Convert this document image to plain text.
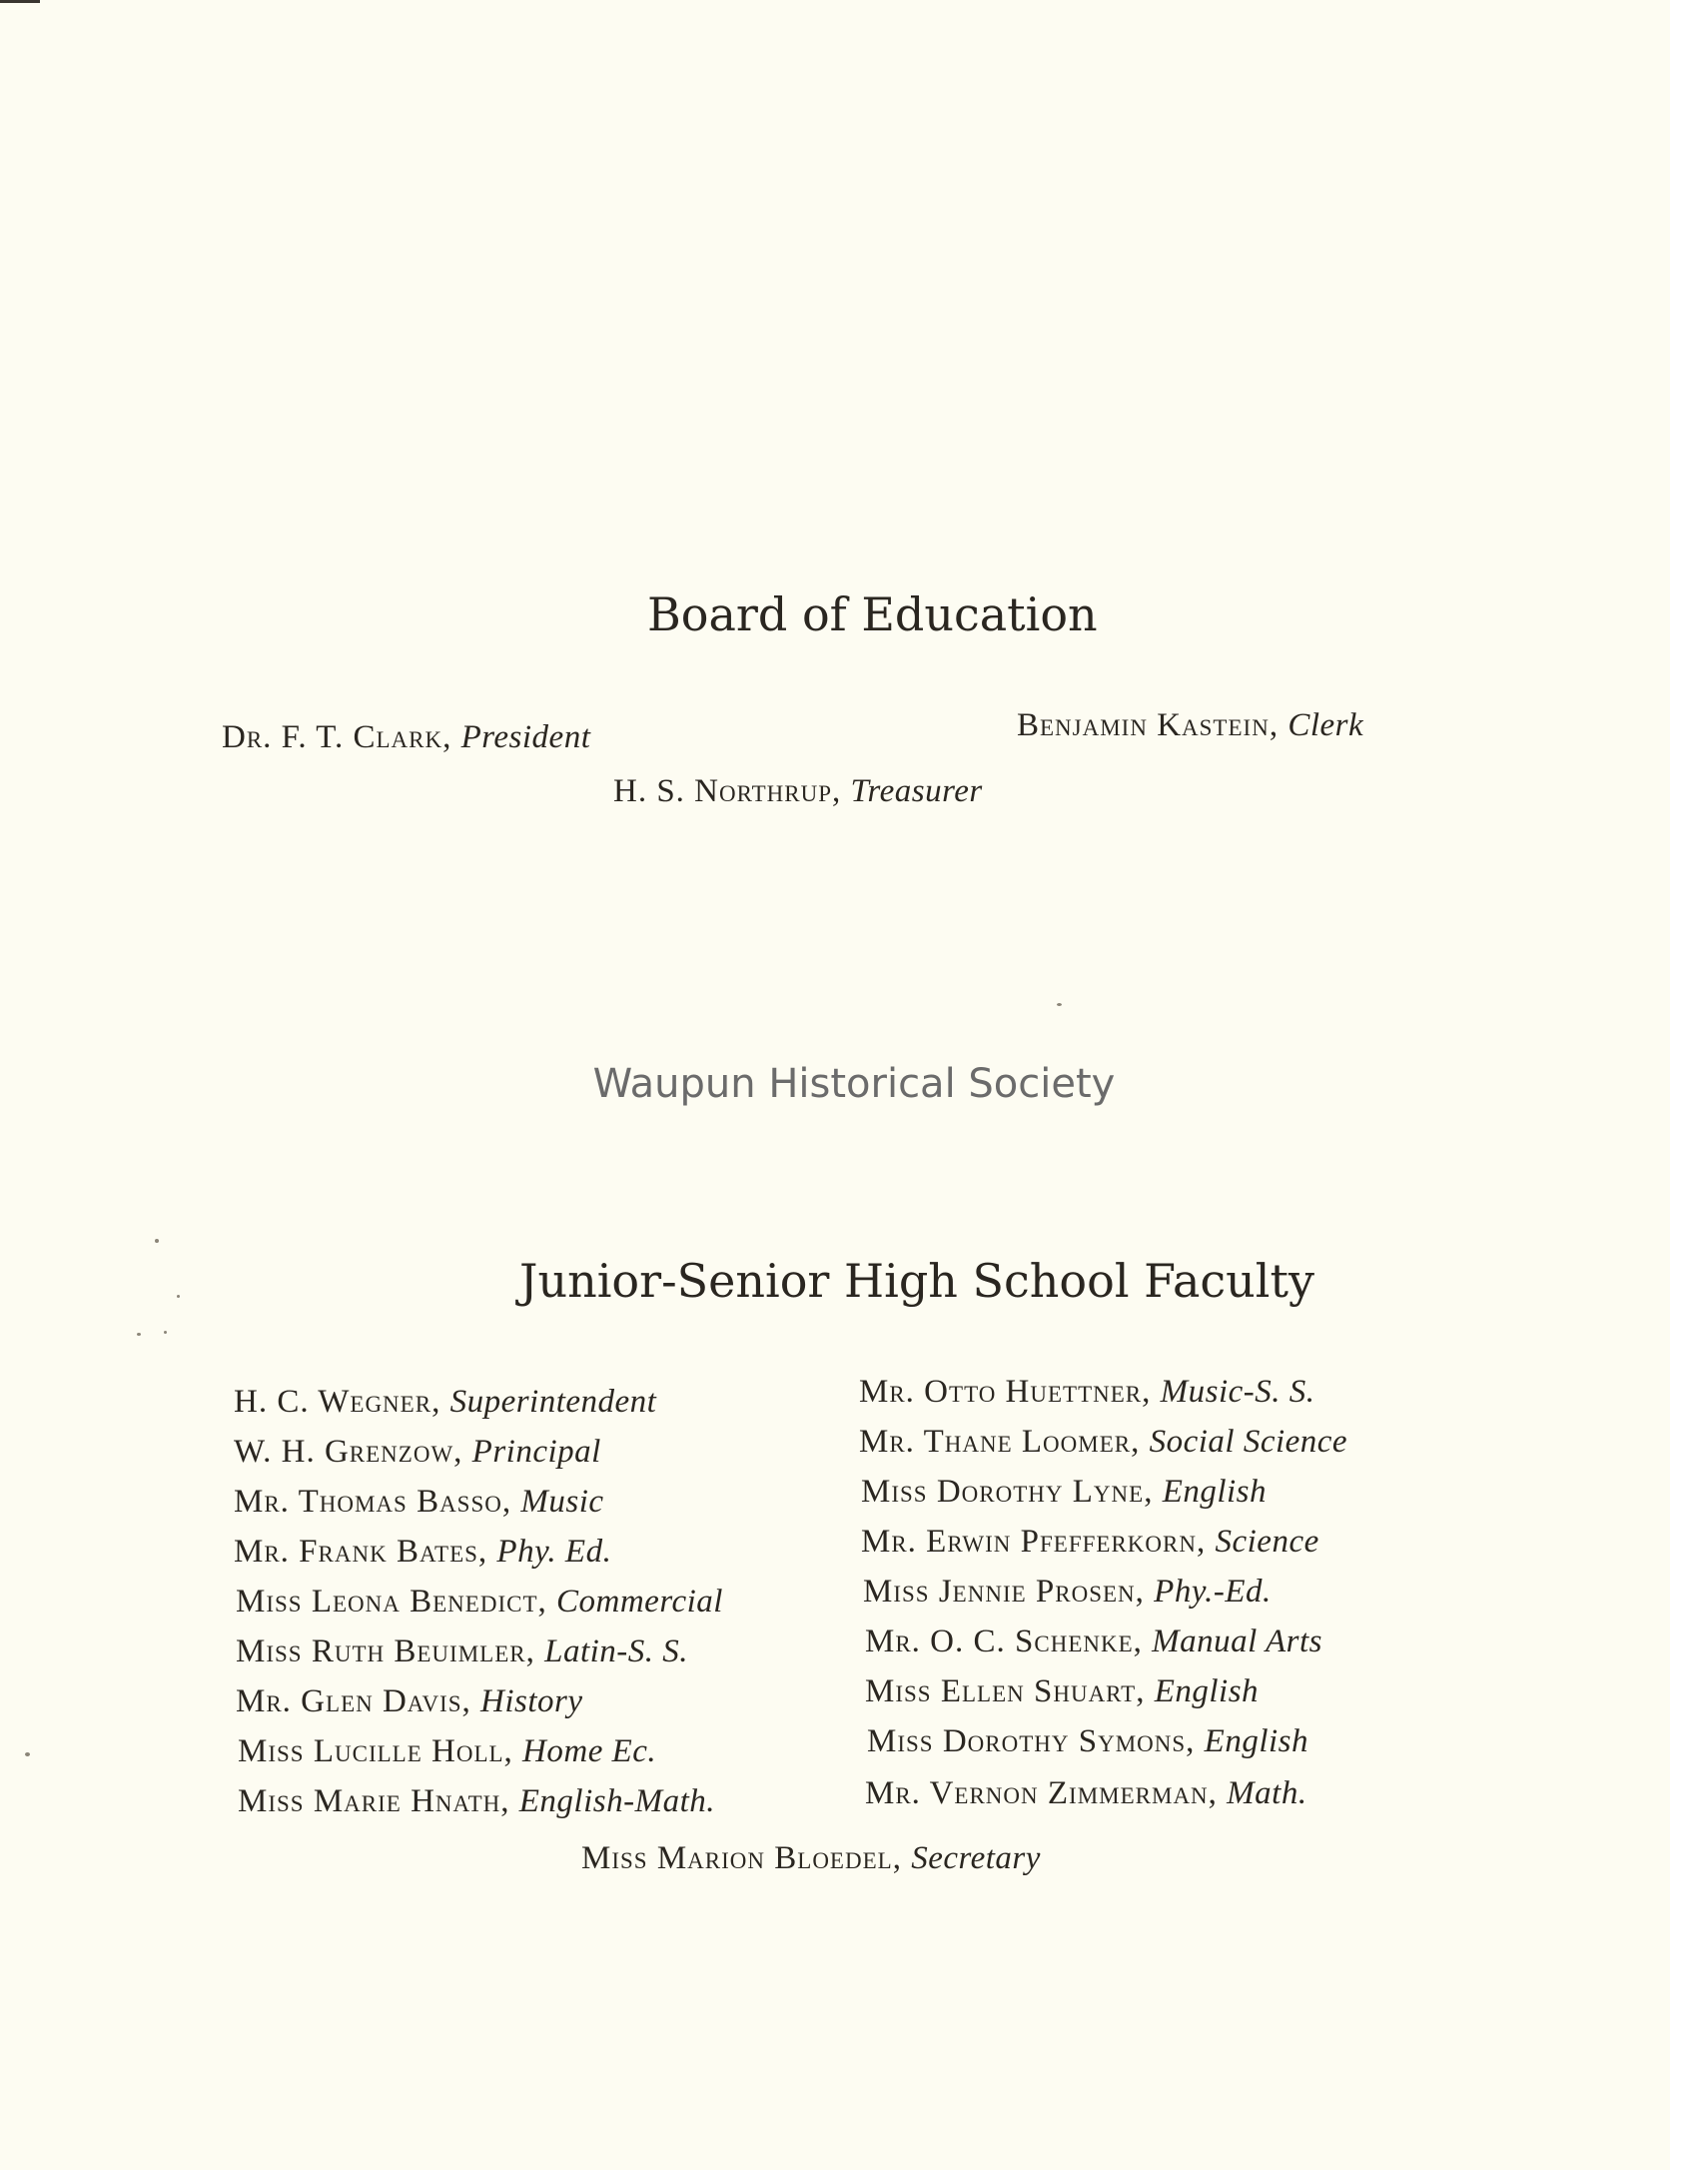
Board of Education
Dr. F. T. Clark, President	Benjamin Kastein, Clerk
H. S. Northrup, Treasurer
Waupun Historical Society
Junior-Senior High School Faculty
H. C. Wegner, Superintendent
W. H. Grenzow, Principal
Mr. Thomas Basso, Music
Mr. Frank Bates, Phy. Ed.
Miss Leona Benedict, Commercial
Miss Ruth Beuimler, Latin-S. S.
Mr. Glen Davis, History
Miss Lucille Holl, Home Ec.
Miss Marie Hnath, English-Math.
Mr. Otto Huettner, Music-S. S.
Mr. Thane Loomer, Social Science
Miss Dorothy Lyne, English
Mr. Erwin Pfefferkorn, Science
Miss Jennie Prosen, Phy.-Ed.
Mr. O. C. Schenke, Manual Arts
Miss Ellen Shuart, English
Miss Dorothy Symons, English
Mr. Vernon Zimmerman, Math.
Miss Marion Bloedel, Secretary
